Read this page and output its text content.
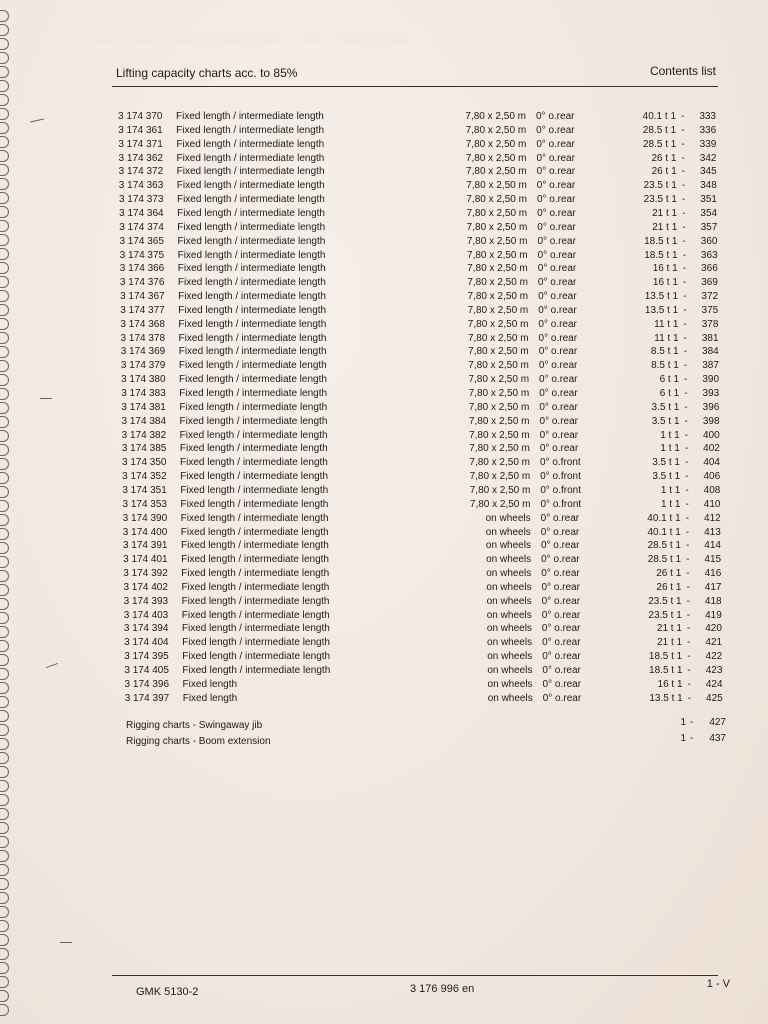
- - - - - - - - - - - - - - - - - - - - - - - - - - - - - - - - - - - - - - - - - - - - - - - - -
Lifting capacity charts acc. to 85%	Contents list
3 174 370 Fixed length / intermediate length	7,80 x 2,50 m 0° o.rear	40.1 t 1	333
-
3 174 361 Fixed length / intermediate length	7,80 x 2,50 m 0° o.rear	28.5 t 1	336
-
3 174 371 Fixed length / intermediate length	7,80 x 2,50 m 0° o.rear	28.5 t 1	339
-
3 174 362 Fixed length / intermediate length	7,80 x 2,50 m 0° o.rear	26 t 1	342
-
3 174 372 Fixed length / intermediate length	7,80 x 2,50 m 0° o.rear	26 t 1	345
-
3 174 363 Fixed length / intermediate length	7,80 x 2,50 m 0° o.rear	23.5 t 1	348
-
3 174 373 Fixed length / intermediate length	7,80 x 2,50 m 0° o.rear	23.5 t 1	351
-
3 174 364 Fixed length / intermediate length	7,80 x 2,50 m 0° o.rear	21 t 1	354
-
3 174 374 Fixed length / intermediate length	7,80 x 2,50 m 0° o.rear	21 t 1	357
-
3 174 365 Fixed length / intermediate length	7,80 x 2,50 m 0° o.rear	18.5 t 1	360
-
3 174 375 Fixed length / intermediate length	7,80 x 2,50 m 0° o.rear	18.5 t 1	363
-
3 174 366 Fixed length / intermediate length	7,80 x 2,50 m 0° o.rear	16 t 1	366
-
3 174 376 Fixed length / intermediate length	7,80 x 2,50 m 0° o.rear	16 t 1	369
-
3 174 367 Fixed length / intermediate length	7,80 x 2,50 m 0° o.rear	13.5 t 1	372
-
3 174 377 Fixed length / intermediate length	7,80 x 2,50 m 0° o.rear	13.5 t 1	375
-
3 174 368 Fixed length / intermediate length	7,80 x 2,50 m 0° o.rear	11 t 1	378
-
3 174 378 Fixed length / intermediate length	7,80 x 2,50 m 0° o.rear	11 t 1	381
-
3 174 369 Fixed length / intermediate length	7,80 x 2,50 m 0° o.rear	8.5 t 1	384
-
3 174 379 Fixed length / intermediate length	7,80 x 2,50 m 0° o.rear	8.5 t 1	387
-
3 174 380 Fixed length / intermediate length	7,80 x 2,50 m 0° o.rear	6 t 1	390
-
3 174 383 Fixed length / intermediate length	7,80 x 2,50 m 0° o.rear	6 t 1	393
-
3 174 381 Fixed length / intermediate length	7,80 x 2,50 m 0° o.rear	3.5 t 1	396
-
3 174 384 Fixed length / intermediate length	7,80 x 2,50 m 0° o.rear	3.5 t 1	398
-
3 174 382 Fixed length / intermediate length	7,80 x 2,50 m 0° o.rear	1 t 1	400
-
3 174 385 Fixed length / intermediate length	7,80 x 2,50 m 0° o.rear	1 t 1	402
-
3 174 350 Fixed length / intermediate length	7,80 x 2,50 m 0° o.front	3.5 t 1	404
-
3 174 352 Fixed length / intermediate length	7,80 x 2,50 m 0° o.front	3.5 t 1	406
-
3 174 351 Fixed length / intermediate length	7,80 x 2,50 m 0° o.front	1 t 1	408
-
3 174 353 Fixed length / intermediate length	7,80 x 2,50 m 0° o.front	1 t 1	410
-
3 174 390 Fixed length / intermediate length	on wheels 0° o.rear	40.1 t 1	412
-
3 174 400 Fixed length / intermediate length	on wheels 0° o.rear	40.1 t 1	413
-
3 174 391 Fixed length / intermediate length	on wheels 0° o.rear	28.5 t 1	414
-
3 174 401 Fixed length / intermediate length	on wheels 0° o.rear	28.5 t 1	415
-
3 174 392 Fixed length / intermediate length	on wheels 0° o.rear	26 t 1	416
-
3 174 402 Fixed length / intermediate length	on wheels 0° o.rear	26 t 1	417
-
3 174 393 Fixed length / intermediate length	on wheels 0° o.rear	23.5 t 1	418
-
3 174 403 Fixed length / intermediate length	on wheels 0° o.rear	23.5 t 1	419
-
3 174 394 Fixed length / intermediate length	on wheels 0° o.rear	21 t 1	420
-
3 174 404 Fixed length / intermediate length	on wheels 0° o.rear	21 t 1	421
-
3 174 395 Fixed length / intermediate length	on wheels 0° o.rear	18.5 t 1	422
-
3 174 405 Fixed length / intermediate length	on wheels 0° o.rear	18.5 t 1	423
-
3 174 396 Fixed length	on wheels 0° o.rear	16 t 1	424
-
3 174 397 Fixed length	on wheels 0° o.rear	13.5 t 1	425
-
Rigging charts - Swingaway jib	1 -	427
Rigging charts - Boom extension	1 -	437
GMK 5130-2	3 176 996 en	1 - V
